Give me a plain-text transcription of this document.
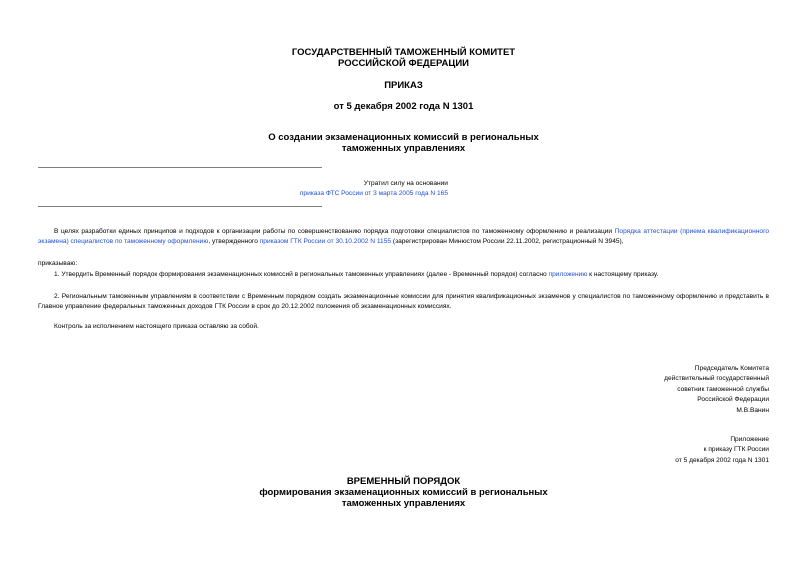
ГОСУДАРСТВЕННЫЙ ТАМОЖЕННЫЙ КОМИТЕТ
РОССИЙСКОЙ ФЕДЕРАЦИИ
ПРИКАЗ
от 5 декабря 2002 года N 1301
О создании экзаменационных комиссий в региональных
таможенных управлениях
Утратил силу на основании
приказа ФТС России от 3 марта 2005 года N 165
В целях разработки единых принципов и подходов к организации работы по совершенствованию порядка подготовки специалистов по таможенному оформлению и реализации Порядка аттестации (приема квалификационного экзамена) специалистов по таможенному оформлению, утвержденного приказом ГТК России от 30.10.2002 N 1155 (зарегистрирован Минюстом России 22.11.2002, регистрационный N 3945),
приказываю:
1. Утвердить Временный порядок формирования экзаменационных комиссий в региональных таможенных управлениях (далее - Временный порядок) согласно приложению к настоящему приказу.
2. Региональным таможенным управлениям в соответствии с Временным порядком создать экзаменационные комиссии для принятия квалификационных экзаменов у специалистов по таможенному оформлению и представить в Главное управление федеральных таможенных доходов ГТК России в срок до 20.12.2002 положения об экзаменационных комиссиях.
Контроль за исполнением настоящего приказа оставляю за собой.
Председатель Комитета
действительный государственный
советник таможенной службы
Российской Федерации
М.В.Ванин
Приложение
к приказу ГТК России
от 5 декабря 2002 года N 1301
ВРЕМЕННЫЙ ПОРЯДОК
формирования экзаменационных комиссий в региональных
таможенных управлениях
